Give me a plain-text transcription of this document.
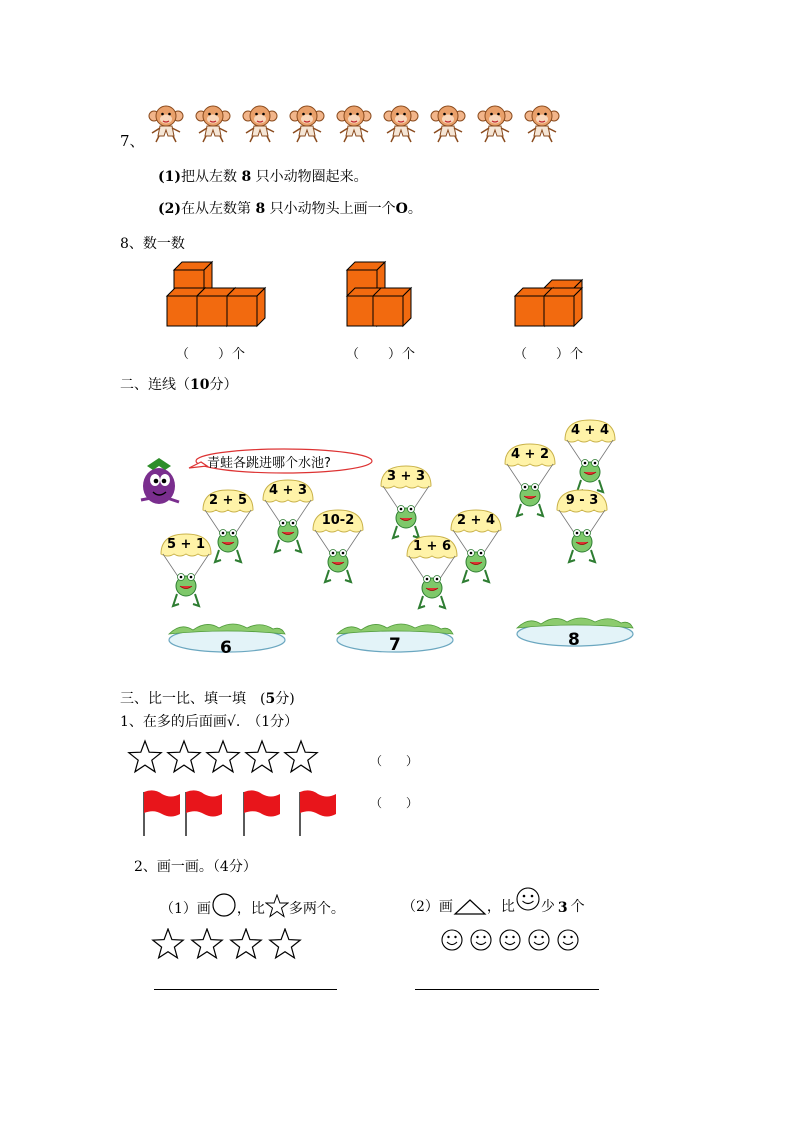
7、
(1)把从左数 8 只小动物圈起来。
(2)在从左数第 8 只小动物头上画一个O。
8、数一数
（　　）个	（　　）个	（　　）个
二、连线（10分）
青蛙各跳进哪个水池?
4 + 4
4 + 2
3 + 3
2 + 5
4 + 3
10-2
9 - 3
2 + 4
5 + 1	1 + 6
6	7	8
三、比一比、填一填　(5分)
1、在多的后面画√.　（1分）
（　　）
（　　）
2、画一画。（4分）
（1）画 ，比 多两个。	（2）画 ，比 少 3 个
